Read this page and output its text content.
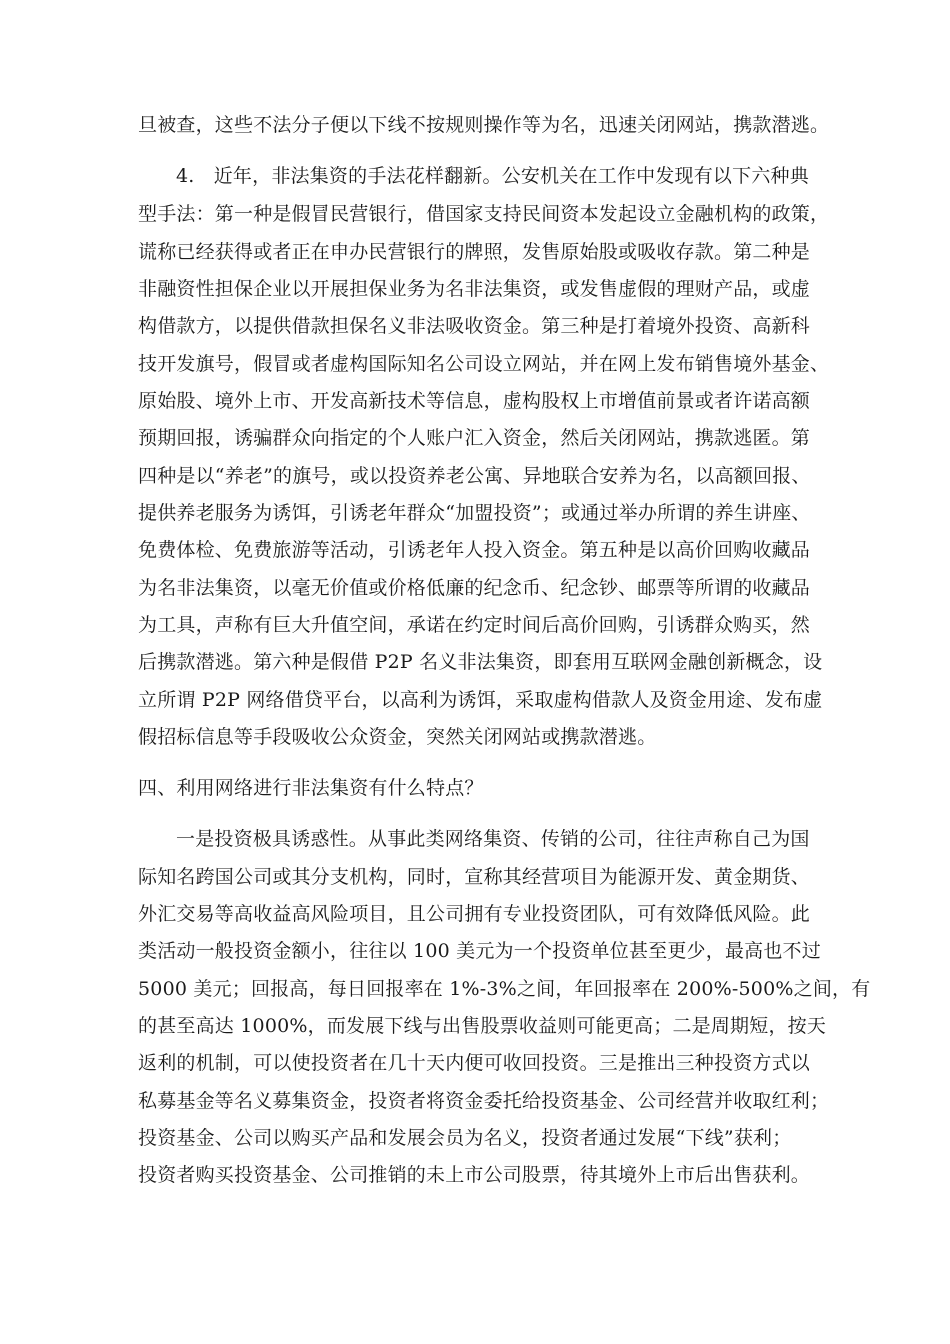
旦被查，这些不法分子便以下线不按规则操作等为名，迅速关闭网站，携款潜逃。
4.　近年，非法集资的手法花样翻新。公安机关在工作中发现有以下六种典
型手法：第一种是假冒民营银行，借国家支持民间资本发起设立金融机构的政策，
谎称已经获得或者正在申办民营银行的牌照，发售原始股或吸收存款。第二种是
非融资性担保企业以开展担保业务为名非法集资，或发售虚假的理财产品，或虚
构借款方，以提供借款担保名义非法吸收资金。第三种是打着境外投资、高新科
技开发旗号，假冒或者虚构国际知名公司设立网站，并在网上发布销售境外基金、
原始股、境外上市、开发高新技术等信息，虚构股权上市增值前景或者许诺高额
预期回报，诱骗群众向指定的个人账户汇入资金，然后关闭网站，携款逃匿。第
四种是以“养老”的旗号，或以投资养老公寓、异地联合安养为名，以高额回报、
提供养老服务为诱饵，引诱老年群众“加盟投资”；或通过举办所谓的养生讲座、
免费体检、免费旅游等活动，引诱老年人投入资金。第五种是以高价回购收藏品
为名非法集资，以毫无价值或价格低廉的纪念币、纪念钞、邮票等所谓的收藏品
为工具，声称有巨大升值空间，承诺在约定时间后高价回购，引诱群众购买，然
后携款潜逃。第六种是假借 P2P 名义非法集资，即套用互联网金融创新概念，设
立所谓 P2P 网络借贷平台，以高利为诱饵，采取虚构借款人及资金用途、发布虚
假招标信息等手段吸收公众资金，突然关闭网站或携款潜逃。
四、利用网络进行非法集资有什么特点？
一是投资极具诱惑性。从事此类网络集资、传销的公司，往往声称自己为国
际知名跨国公司或其分支机构，同时，宣称其经营项目为能源开发、黄金期货、
外汇交易等高收益高风险项目，且公司拥有专业投资团队，可有效降低风险。此
类活动一般投资金额小，往往以 100 美元为一个投资单位甚至更少，最高也不过
5000 美元；回报高，每日回报率在 1%-3%之间，年回报率在 200%-500%之间，有
的甚至高达 1000%，而发展下线与出售股票收益则可能更高；二是周期短，按天
返利的机制，可以使投资者在几十天内便可收回投资。三是推出三种投资方式以
私募基金等名义募集资金，投资者将资金委托给投资基金、公司经营并收取红利；
投资基金、公司以购买产品和发展会员为名义，投资者通过发展“下线”获利；
投资者购买投资基金、公司推销的未上市公司股票，待其境外上市后出售获利。
